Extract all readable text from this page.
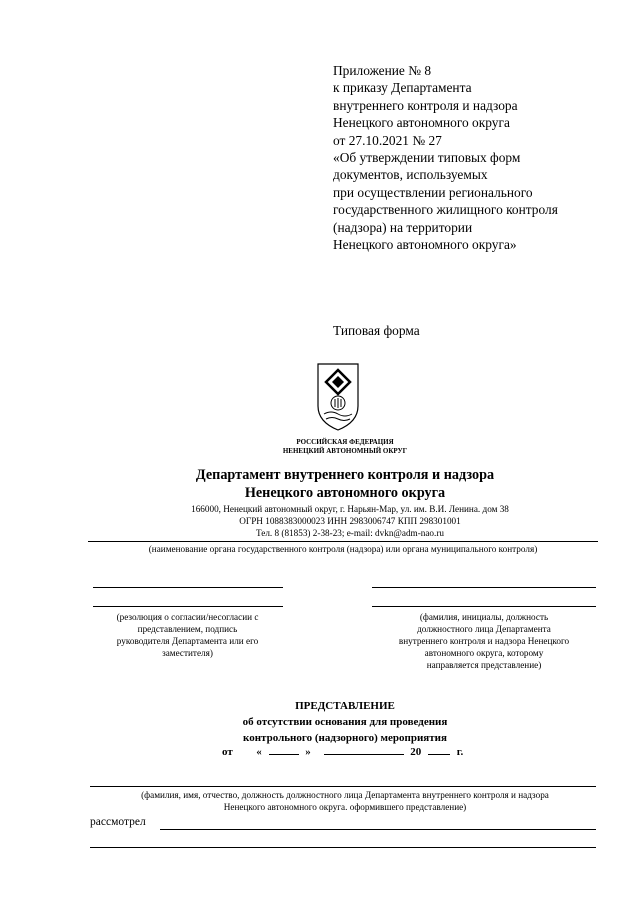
Приложение № 8
к приказу Департамента
внутреннего контроля и надзора
Ненецкого автономного округа
от 27.10.2021 № 27
«Об утверждении типовых форм
документов, используемых
при осуществлении регионального
государственного жилищного контроля
(надзора) на территории
Ненецкого автономного округа»
Типовая форма
РОССИЙСКАЯ ФЕДЕРАЦИЯ
НЕНЕЦКИЙ АВТОНОМНЫЙ ОКРУГ
Департамент внутреннего контроля и надзора
Ненецкого автономного округа
166000, Ненецкий автономный округ, г. Нарьян-Мар, ул. им. В.И. Ленина. дом 38
ОГРН 1088383000023 ИНН 2983006747 КПП 298301001
Тел. 8 (81853) 2-38-23; e-mail: dvkn@adm-nao.ru
(наименование органа государственного контроля (надзора) или органа муниципального контроля)
(резолюция о согласии/несогласии с
представлением, подпись
руководителя Департамента или его
заместителя)
(фамилия, инициалы, должность
должностного лица Департамента
внутреннего контроля и надзора Ненецкого
автономного округа, которому
направляется представление)
ПРЕДСТАВЛЕНИЕ
об отсутствии основания для проведения
контрольного (надзорного) мероприятия
от «	»	20	г.
(фамилия, имя, отчество, должность должностного лица Департамента внутреннего контроля и надзора
Ненецкого автономного округа. оформившего представление)
рассмотрел
